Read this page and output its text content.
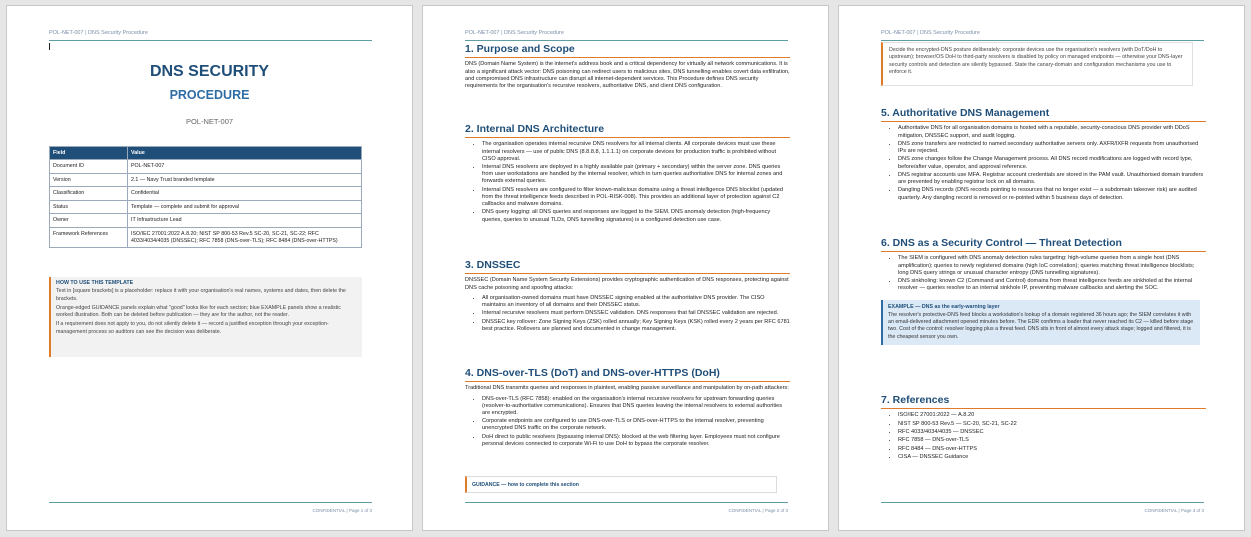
POL-NET-007 | DNS Security Procedure
DNS SECURITY
PROCEDURE
POL-NET-007
Field	Value
Document ID	POL-NET-007
Version	2.1 — Navy Trust branded template
Classification	Confidential
Status	Template — complete and submit for approval
Owner	IT Infrastructure Lead
Framework References	ISO/IEC 27001:2022 A.8.20; NIST SP 800-53 Rev.5 SC-20, SC-21, SC-22; RFC 4033/4034/4035 (DNSSEC); RFC 7858 (DNS-over-TLS); RFC 8484 (DNS-over-HTTPS)
HOW TO USE THIS TEMPLATE

Text in [square brackets] is a placeholder: replace it with your organisation's real names, systems and dates, then delete the brackets.

Orange-edged GUIDANCE panels explain what "good" looks like for each section; blue EXAMPLE panels show a realistic worked illustration. Both can be deleted before publication — they are for the author, not the reader.

If a requirement does not apply to you, do not silently delete it — record a justified exception through your exception-management process so auditors can see the decision was deliberate.

CONFIDENTIAL | Page 1 of 3
POL-NET-007 | DNS Security Procedure
1. Purpose and Scope

DNS (Domain Name System) is the internet's address book and a critical dependency for virtually all network communications. It is also a significant attack vector: DNS poisoning can redirect users to malicious sites, DNS tunnelling enables covert data exfiltration, and compromised DNS infrastructure can disrupt all internet-dependent services. This Procedure defines DNS security requirements for the organisation's recursive resolvers, authoritative DNS, and client DNS configuration.

2. Internal DNS Architecture
• The organisation operates internal recursive DNS resolvers for all internal clients. All corporate devices must use these internal resolvers — use of public DNS (8.8.8.8, 1.1.1.1) on corporate devices for production traffic is prohibited without CISO approval.
• Internal DNS resolvers are deployed in a highly available pair (primary + secondary) within the server zone. DNS queries from user workstations are handled by the internal resolver, which in turn queries authoritative DNS for internal zones and forwards external queries.
• Internal DNS resolvers are configured to filter known-malicious domains using a threat intelligence DNS blocklist (updated from the threat intelligence feeds described in POL-RISK-008). This provides an additional layer of protection against C2 callbacks and malware domains.
• DNS query logging: all DNS queries and responses are logged to the SIEM. DNS anomaly detection (high-frequency queries, queries to unusual TLDs, DNS tunnelling signatures) is a configured detection use case.
3. DNSSEC

DNSSEC (Domain Name System Security Extensions) provides cryptographic authentication of DNS responses, protecting against DNS cache poisoning and spoofing attacks:

• All organisation-owned domains must have DNSSEC signing enabled at the authoritative DNS provider. The CISO maintains an inventory of all domains and their DNSSEC status.
• Internal recursive resolvers must perform DNSSEC validation. DNS responses that fail DNSSEC validation are rejected.
• DNSSEC key rollover: Zone Signing Keys (ZSK) rolled annually; Key Signing Keys (KSK) rolled every 2 years per RFC 6781 best practice. Rollovers are planned and documented in change management.
4. DNS-over-TLS (DoT) and DNS-over-HTTPS (DoH)

Traditional DNS transmits queries and responses in plaintext, enabling passive surveillance and manipulation by on-path attackers:

• DNS-over-TLS (RFC 7858): enabled on the organisation's internal recursive resolvers for upstream forwarding queries (resolver-to-authoritative communications). Ensures that DNS queries leaving the internal resolvers to external authorities are encrypted.
• Corporate endpoints are configured to use DNS-over-TLS or DNS-over-HTTPS to the internal resolver, preventing unencrypted DNS traffic on the corporate network.
• DoH direct to public resolvers (bypassing internal DNS): blocked at the web filtering layer. Employees must not configure personal devices connected to corporate Wi-Fi to use DoH to bypass the corporate resolver.
GUIDANCE — how to complete this section
CONFIDENTIAL | Page 2 of 3
POL-NET-007 | DNS Security Procedure
Decide the encrypted-DNS posture deliberately: corporate devices use the organisation's resolvers (with DoT/DoH to upstream); browser/OS DoH to third-party resolvers is disabled by policy on managed endpoints — otherwise your DNS-layer security controls and detection are silently bypassed. State the canary-domain and configuration mechanisms you use to enforce it.
5. Authoritative DNS Management
• Authoritative DNS for all organisation domains is hosted with a reputable, security-conscious DNS provider with DDoS mitigation, DNSSEC support, and audit logging.
• DNS zone transfers are restricted to named secondary authoritative servers only. AXFR/IXFR requests from unauthorised IPs are rejected.
• DNS zone changes follow the Change Management process. All DNS record modifications are logged with record type, before/after value, operator, and approval reference.
• DNS registrar accounts use MFA. Registrar account credentials are stored in the PAM vault. Unauthorised domain transfers are prevented by enabling registrar lock on all domains.
• Dangling DNS records (DNS records pointing to resources that no longer exist — a subdomain takeover risk) are audited quarterly. Any dangling record is removed or re-pointed within 5 business days of detection.
6. DNS as a Security Control — Threat Detection
• The SIEM is configured with DNS anomaly detection rules targeting: high-volume queries from a single host (DNS amplification); queries to newly registered domains (high IoC correlation); queries matching threat intelligence blocklists; long DNS query strings or unusual character entropy (DNS tunnelling signatures).
• DNS sinkholing: known C2 (Command and Control) domains from threat intelligence feeds are sinkholed at the internal resolver — queries resolve to an internal sinkhole IP, preventing malware callbacks and alerting the SOC.
EXAMPLE — DNS as the early-warning layer
The resolver's protective-DNS feed blocks a workstation's lookup of a domain registered 36 hours ago; the SIEM correlates it with an email-delivered attachment opened minutes before. The EDR confirms a loader that never reached its C2 — killed before stage two. Cost of the control: resolver logging plus a threat feed. DNS sits in front of almost every attack stage; logged and filtered, it is the cheapest sensor you own.
7. References
• ISO/IEC 27001:2022 — A.8.20
• NIST SP 800-53 Rev.5 — SC-20, SC-21, SC-22
• RFC 4033/4034/4035 — DNSSEC
• RFC 7858 — DNS-over-TLS
• RFC 8484 — DNS-over-HTTPS
• CISA — DNSSEC Guidance
CONFIDENTIAL | Page 3 of 3
